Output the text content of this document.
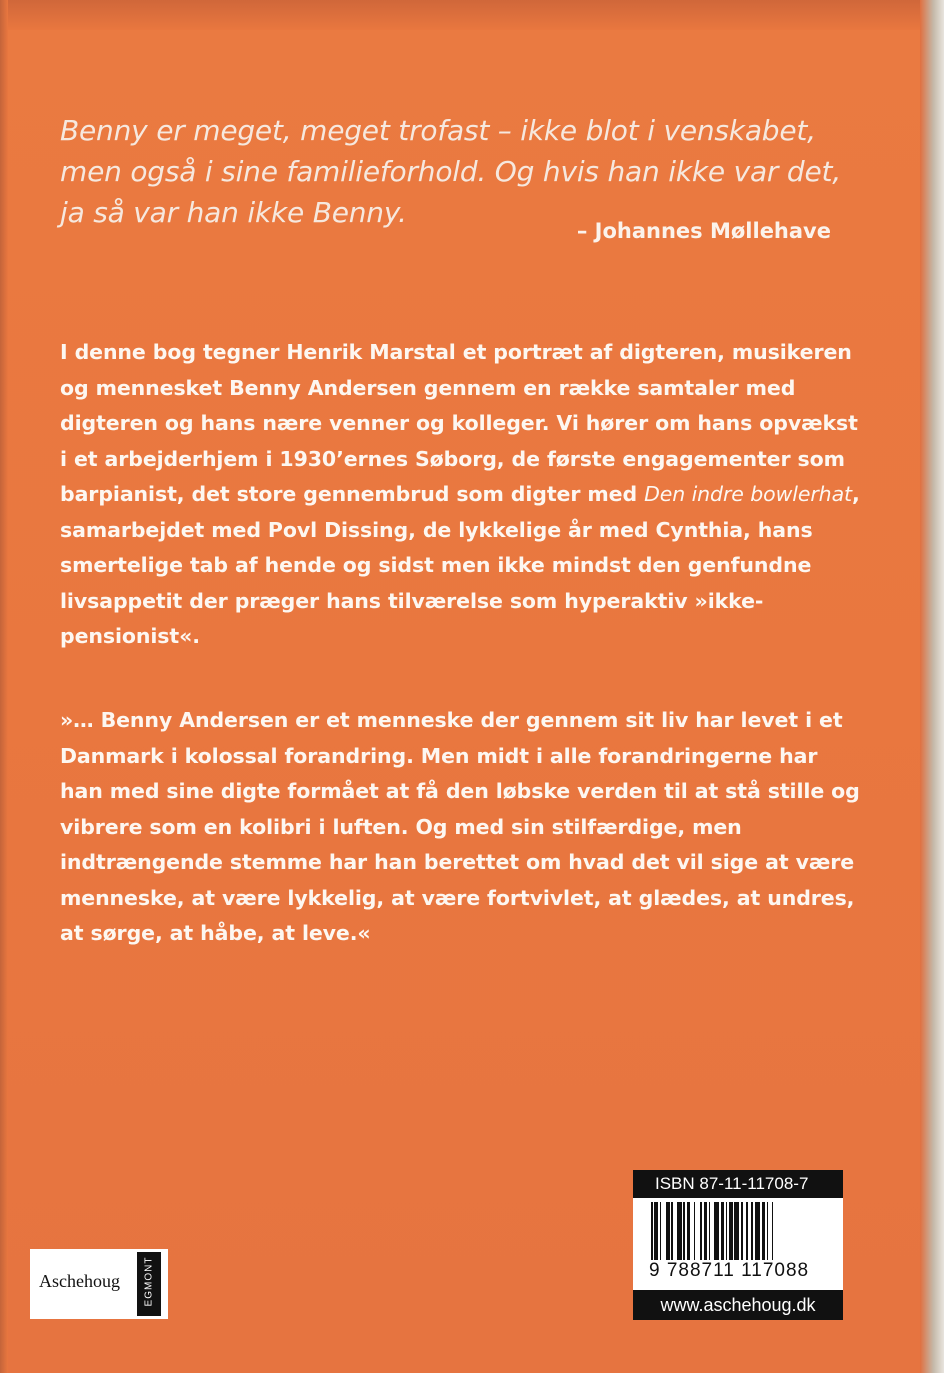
Benny er meget, meget trofast – ikke blot i venskabet,
men også i sine familieforhold. Og hvis han ikke var det,
ja så var han ikke Benny.

– Johannes Møllehave
I denne bog tegner Henrik Marstal et portræt af digteren, musikeren og mennesket Benny Andersen gennem en række samtaler med digteren og hans nære venner og kolleger. Vi hører om hans opvækst i et arbejderhjem i 1930’ernes Søborg, de første engagementer som barpianist, det store gennembrud som digter med Den indre bowlerhat, samarbejdet med Povl Dissing, de lykkelige år med Cynthia, hans smertelige tab af hende og sidst men ikke mindst den genfundne livsappetit der præger hans tilværelse som hyperaktiv »ikke-pensionist«.
»… Benny Andersen er et menneske der gennem sit liv har levet i et Danmark i kolossal forandring. Men midt i alle forandringerne har han med sine digte formået at få den løbske verden til at stå stille og vibrere som en kolibri i luften. Og med sin stilfærdige, men indtrængende stemme har han berettet om hvad det vil sige at være menneske, at være lykkelig, at være fortvivlet, at glædes, at undres, at sørge, at håbe, at leve.«
Aschehoug EGMONT
ISBN 87-11-11708-7
9 788711 117088
www.aschehoug.dk
